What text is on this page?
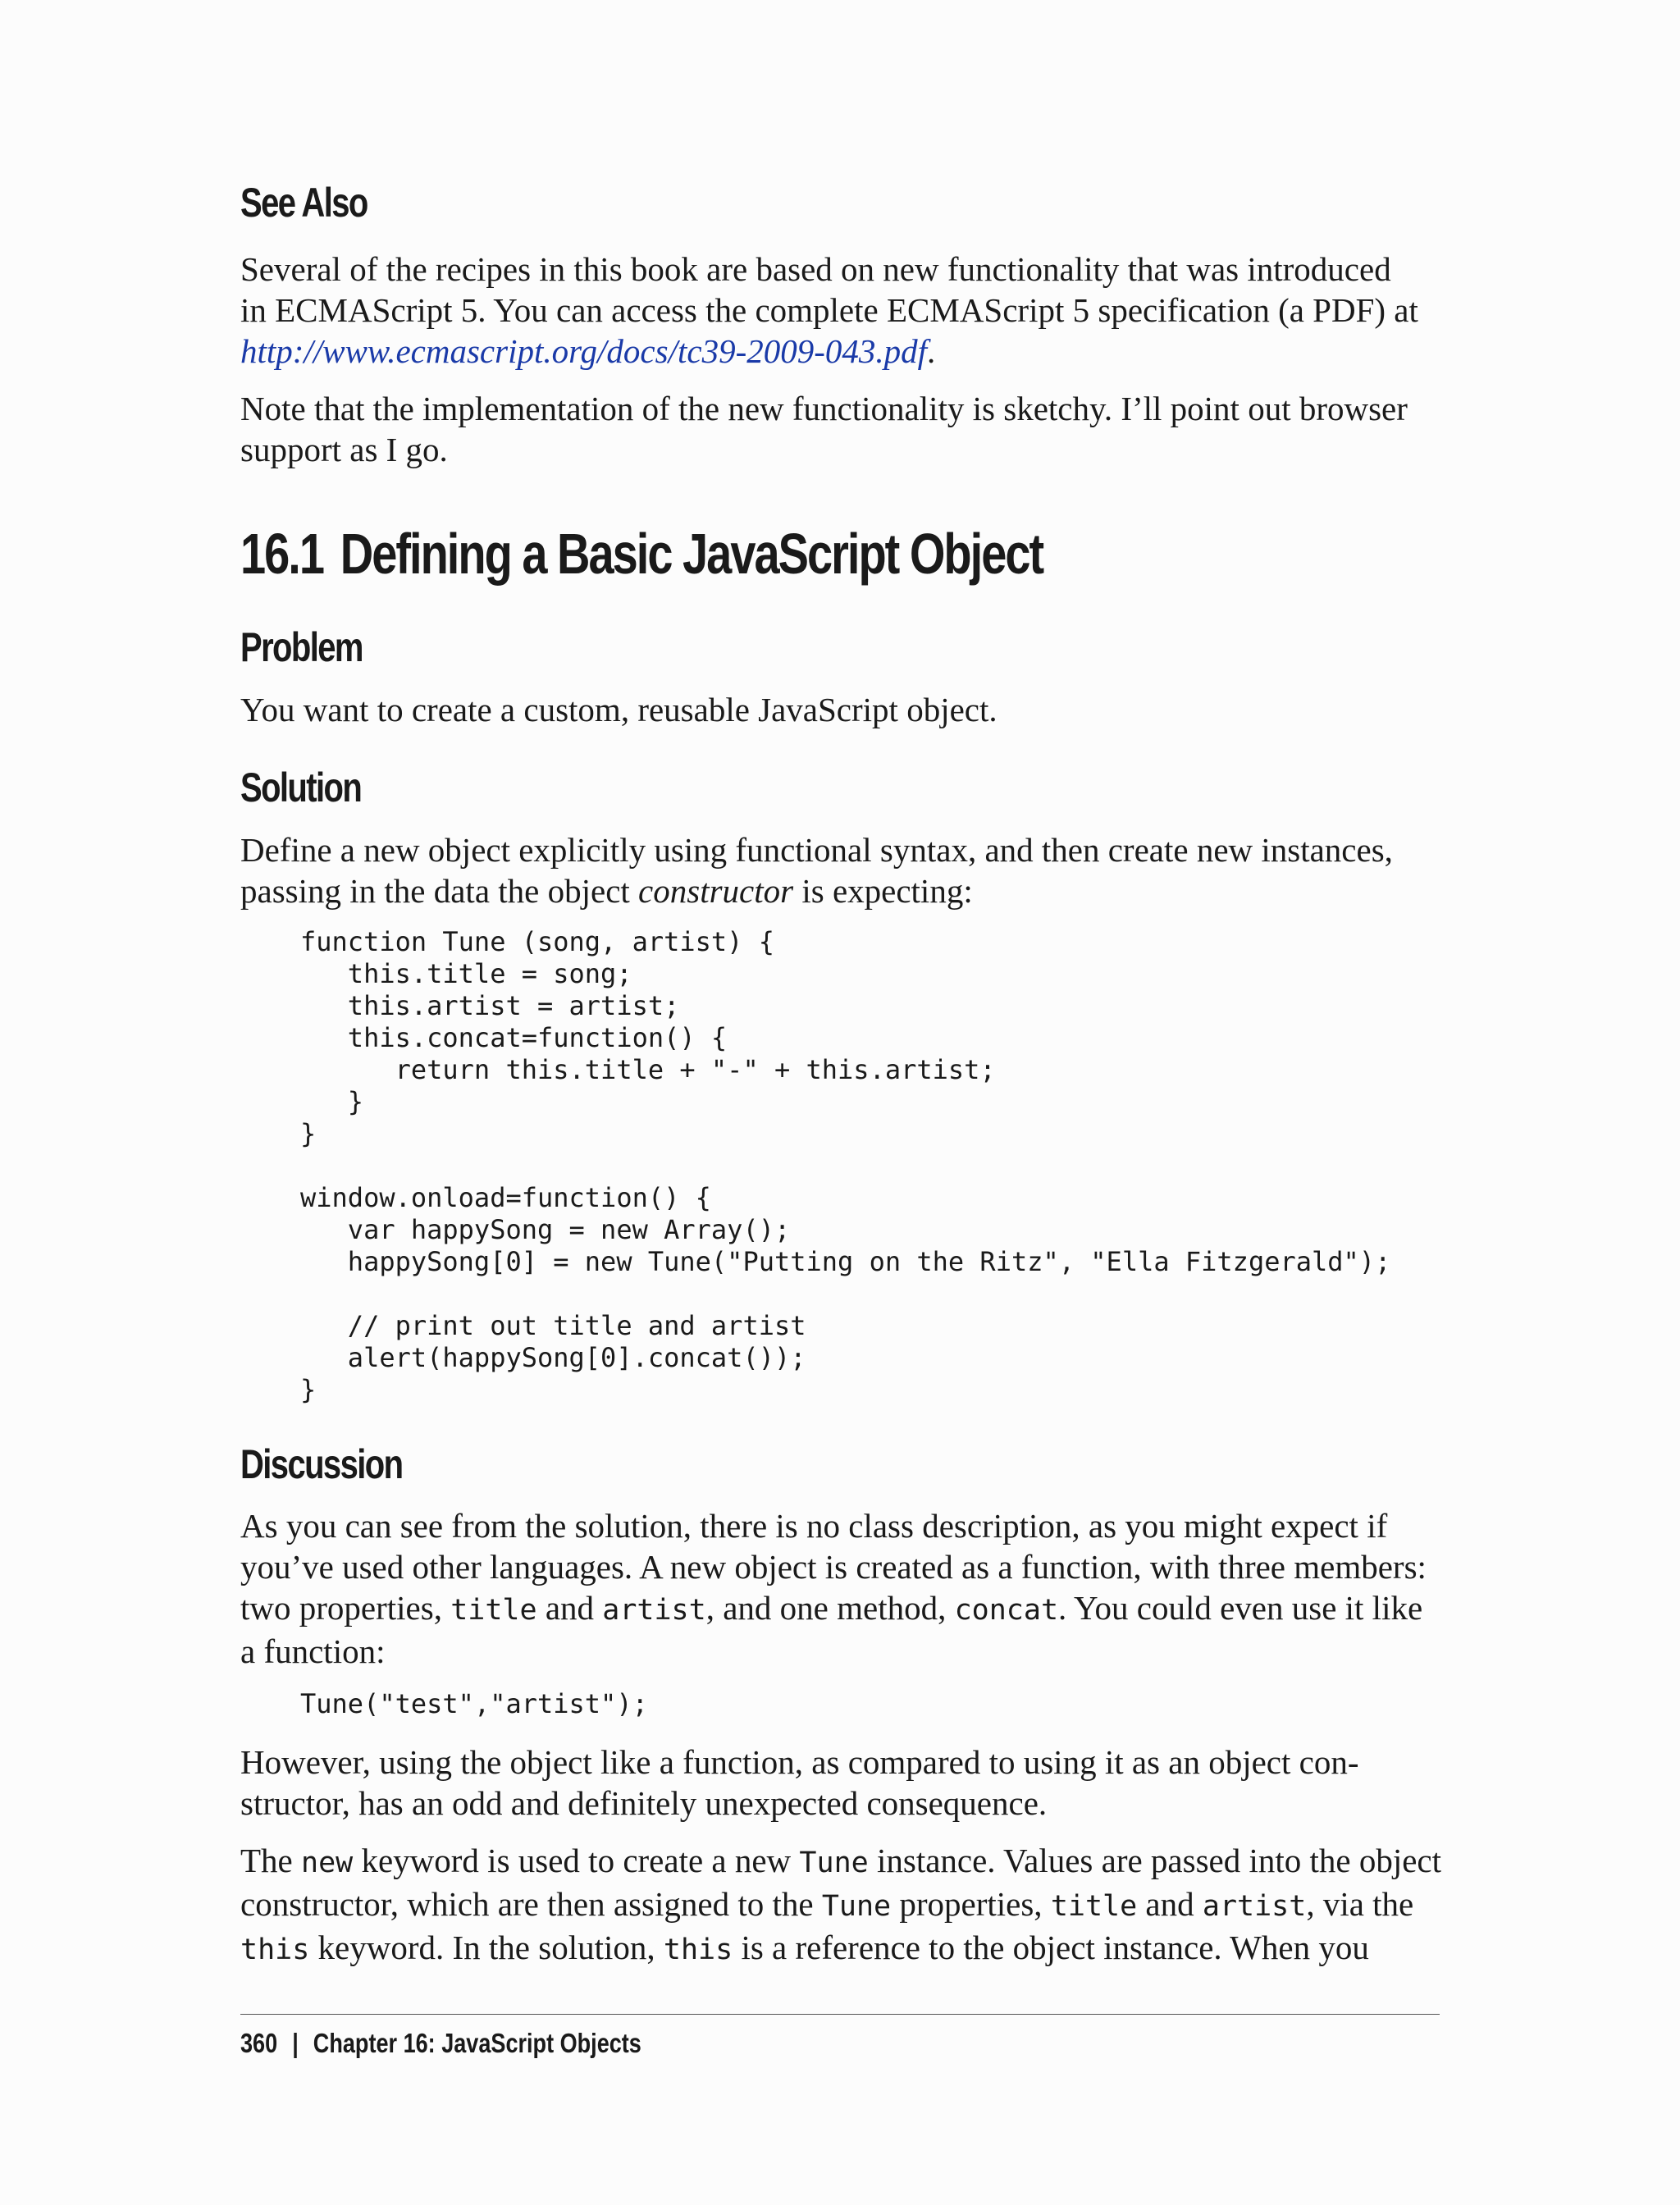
See Also

Several of the recipes in this book are based on new functionality that was introduced
in ECMAScript 5. You can access the complete ECMAScript 5 specification (a PDF) at
http://www.ecmascript.org/docs/tc39-2009-043.pdf.

Note that the implementation of the new functionality is sketchy. I’ll point out browser
support as I go.

16.1 Defining a Basic JavaScript Object
Problem

You want to create a custom, reusable JavaScript object.

Solution

Define a new object explicitly using functional syntax, and then create new instances,
passing in the data the object constructor is expecting:

function Tune (song, artist) {
this.title = song;
this.artist = artist;
this.concat=function() {
return this.title + "-" + this.artist;
}
}

window.onload=function() {
var happySong = new Array();
happySong[0] = new Tune("Putting on the Ritz", "Ella Fitzgerald");

// print out title and artist
alert(happySong[0].concat());
}
Discussion

As you can see from the solution, there is no class description, as you might expect if
you’ve used other languages. A new object is created as a function, with three members:
two properties, title and artist, and one method, concat. You could even use it like
a function:

Tune("test","artist");

However, using the object like a function, as compared to using it as an object con-
structor, has an odd and definitely unexpected consequence.

The new keyword is used to create a new Tune instance. Values are passed into the object
constructor, which are then assigned to the Tune properties, title and artist, via the
this keyword. In the solution, this is a reference to the object instance. When you

360 | Chapter 16: JavaScript Objects
